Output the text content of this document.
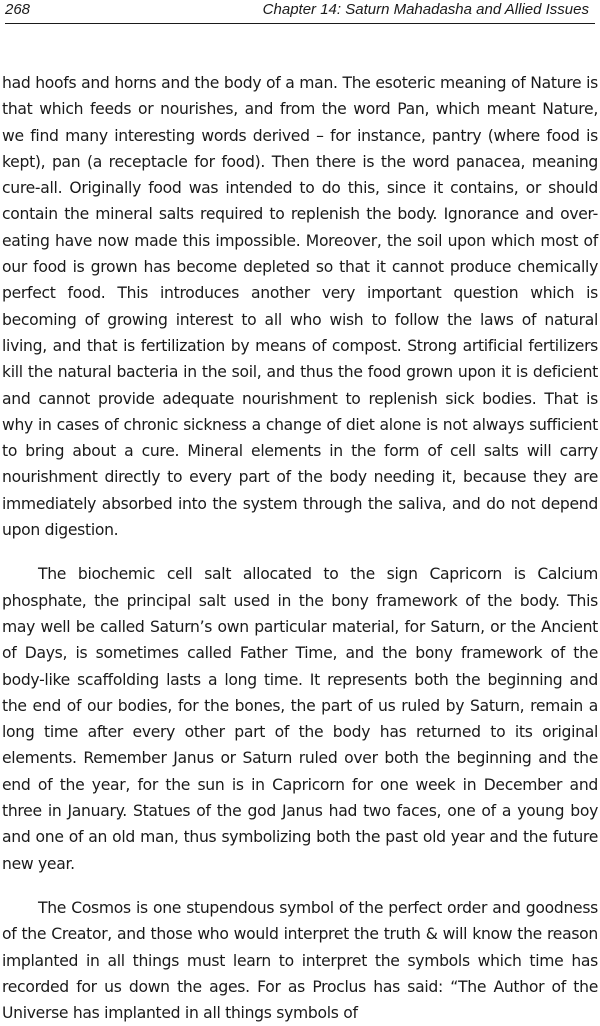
268	Chapter 14: Saturn Mahadasha and Allied Issues

had hoofs and horns and the body of a man. The esoteric meaning of Nature is that which feeds or nourishes, and from the word Pan, which meant Nature, we find many interesting words derived – for instance, pantry (where food is kept), pan (a receptacle for food). Then there is the word panacea, meaning cure-all. Originally food was intended to do this, since it contains, or should contain the mineral salts required to replenish the body. Ignorance and over-eating have now made this impossible. Moreover, the soil upon which most of our food is grown has become depleted so that it cannot produce chemically perfect food. This introduces another very important question which is becoming of growing interest to all who wish to follow the laws of natural living, and that is fertilization by means of compost. Strong artificial fertilizers kill the natural bacteria in the soil, and thus the food grown upon it is deficient and cannot provide adequate nourishment to replenish sick bodies. That is why in cases of chronic sickness a change of diet alone is not always sufficient to bring about a cure. Mineral elements in the form of cell salts will carry nourishment directly to every part of the body needing it, because they are immediately absorbed into the system through the saliva, and do not depend upon digestion.

The biochemic cell salt allocated to the sign Capricorn is Calcium phosphate, the principal salt used in the bony framework of the body. This may well be called Saturn’s own particular material, for Saturn, or the Ancient of Days, is sometimes called Father Time, and the bony framework of the body-like scaffolding lasts a long time. It represents both the beginning and the end of our bodies, for the bones, the part of us ruled by Saturn, remain a long time after every other part of the body has returned to its original elements. Remember Janus or Saturn ruled over both the beginning and the end of the year, for the sun is in Capricorn for one week in December and three in January. Statues of the god Janus had two faces, one of a young boy and one of an old man, thus symbolizing both the past old year and the future new year.

The Cosmos is one stupendous symbol of the perfect order and goodness of the Creator, and those who would interpret the truth & will know the reason implanted in all things must learn to interpret the symbols which time has recorded for us down the ages. For as Proclus has said: “The Author of the Universe has implanted in all things symbols of
